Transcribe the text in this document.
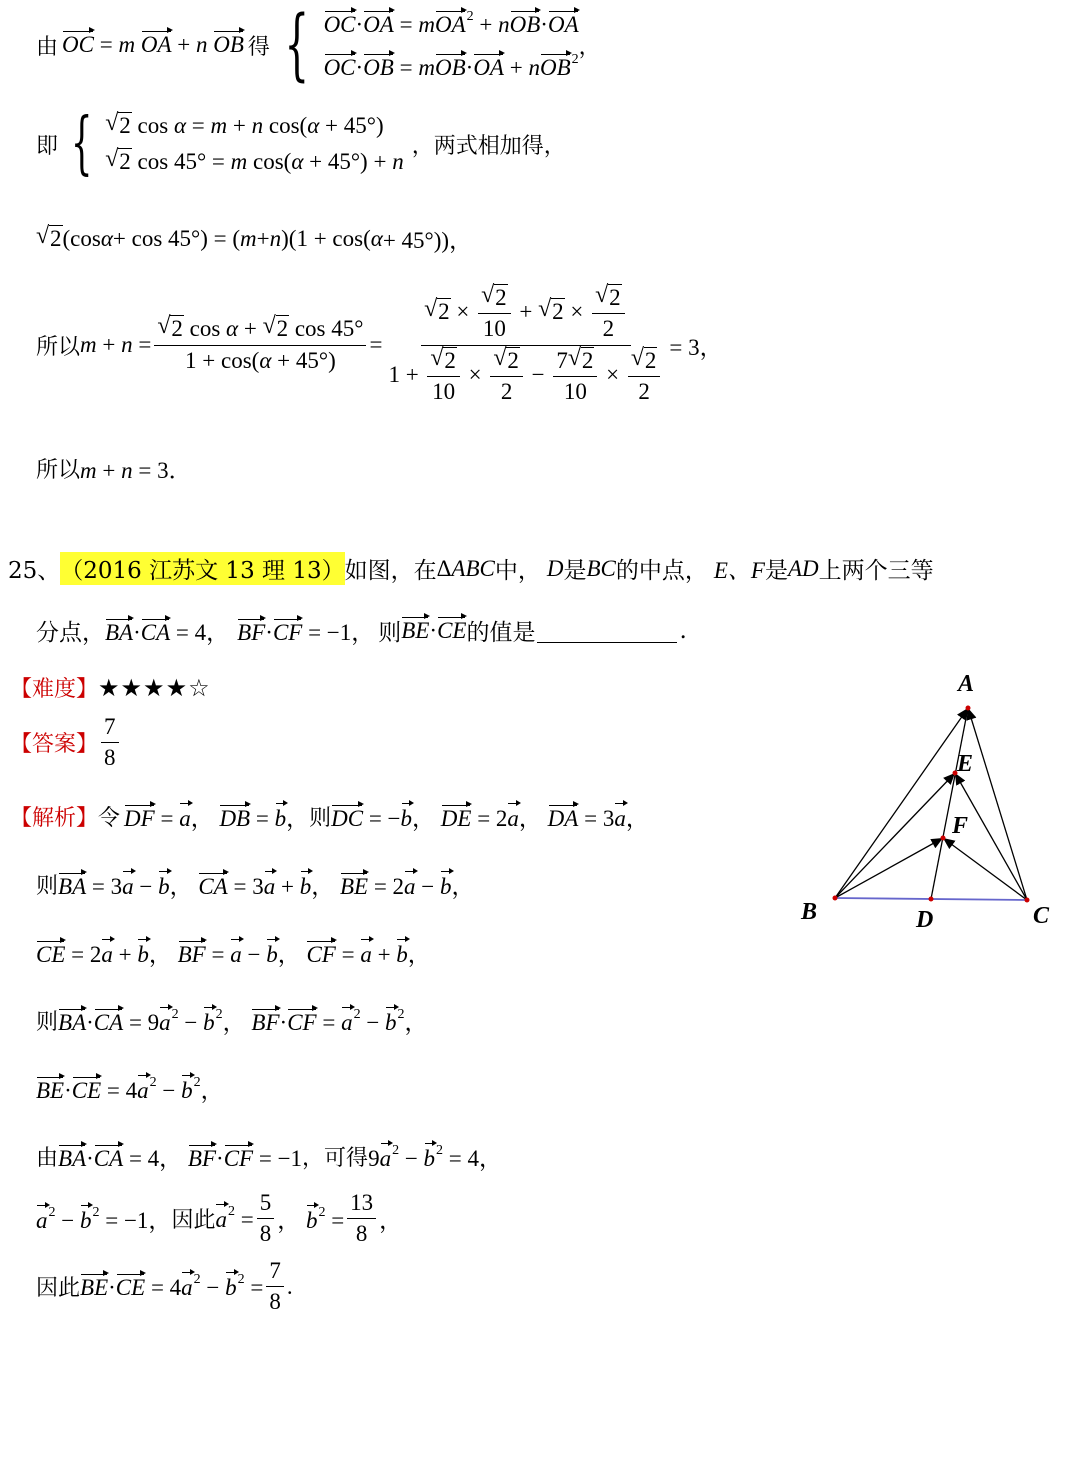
由 OC = m OA + n OB 得 { OC·OA = mOA$^2$ + nOB·OA
OC·OB = mOB·OA + nOB$^2$ ，
即 {	√ 2 cos α = m + n cos(α + 45°)
√ 2 cos 45° = m cos(α + 45°) + n
，两式相加得，
√ 2 (cos α + cos 45°) = ( m + n )(1 + cos( α + 45°))，
所以 m + n = √ $\frac{\text{2 cos α + √ 2 cos 45°}}{1 + \cos(\alpha + 45^\circ)}$ =
√ 2 × √ $\frac{2}{10}$ + √ 2 × √ $\frac{2}{2}$
1 + √ $\frac{2}{10}$ × √ $\frac{2}{2} - \frac{7 √ 2}{10}$ × √ $\frac{2}{2}$
= 3，
所以 m + n = 3．
25、 （2016 江苏文 13 理 13） 如图，在 ΔABC 中， D 是 BC 的中点， E、F 是 AD 上两个三等
分点， BA·CA = 4， BF·CF = −1， 则 BE·CE 的值是	.
【难度】 ★★★★☆
【答案】 $\frac{7}{8}$
【解析】 令 DF = a， DB = b， 则 DC = −b， DE = 2a， DA = 3a，
则 BA = 3a − b， CA = 3a + b， BE = 2a − b，
CE = 2a + b， BF = a − b， CF = a + b，
则 $BA\cdot CA = 9a^2 - b^2$， $BF\cdot CF = a^2 - b^2$，
$BE\cdot CE = 4a^2 - b^2$，
由 BA·CA = 4， BF·CF = −1 ，可得 $9a^2 - b^2 = 4$，
$a^2 - b^2 = -1$， 因此 $a^2 = \frac{5}{8}$ ， $b^2 = \frac{13}{8}$ ，
因此 $BE\cdot CE = 4a^2 - b^2 = \frac{7}{8}$ .
A
E
F
B	D	C
